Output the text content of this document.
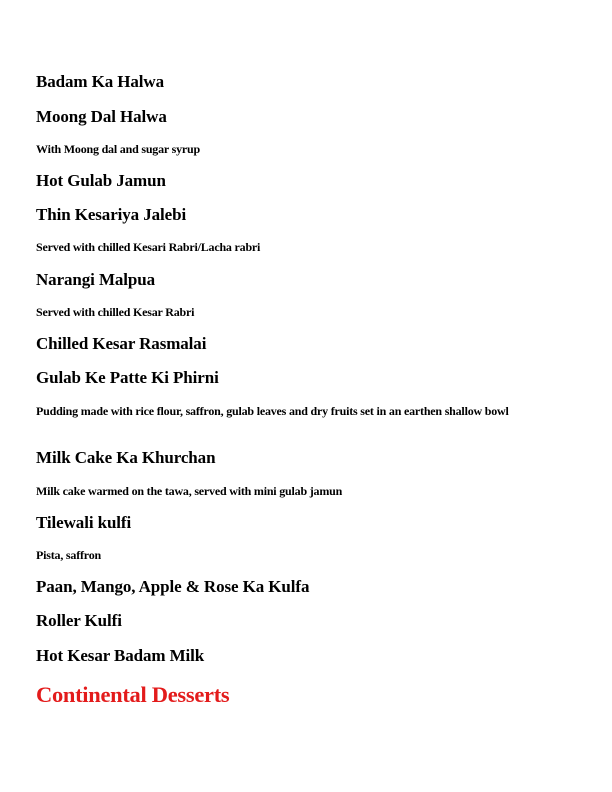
Badam Ka Halwa

Moong Dal Halwa

With Moong dal and sugar syrup

Hot Gulab Jamun

Thin Kesariya Jalebi

Served with chilled Kesari Rabri/Lacha rabri

Narangi Malpua

Served with chilled Kesar Rabri

Chilled Kesar Rasmalai

Gulab Ke Patte Ki Phirni

Pudding made with rice flour, saffron, gulab leaves and dry fruits set in an earthen shallow bowl

Milk Cake Ka Khurchan

Milk cake warmed on the tawa, served with mini gulab jamun

Tilewali kulfi

Pista, saffron

Paan, Mango, Apple & Rose Ka Kulfa

Roller Kulfi

Hot Kesar Badam Milk

Continental Desserts
